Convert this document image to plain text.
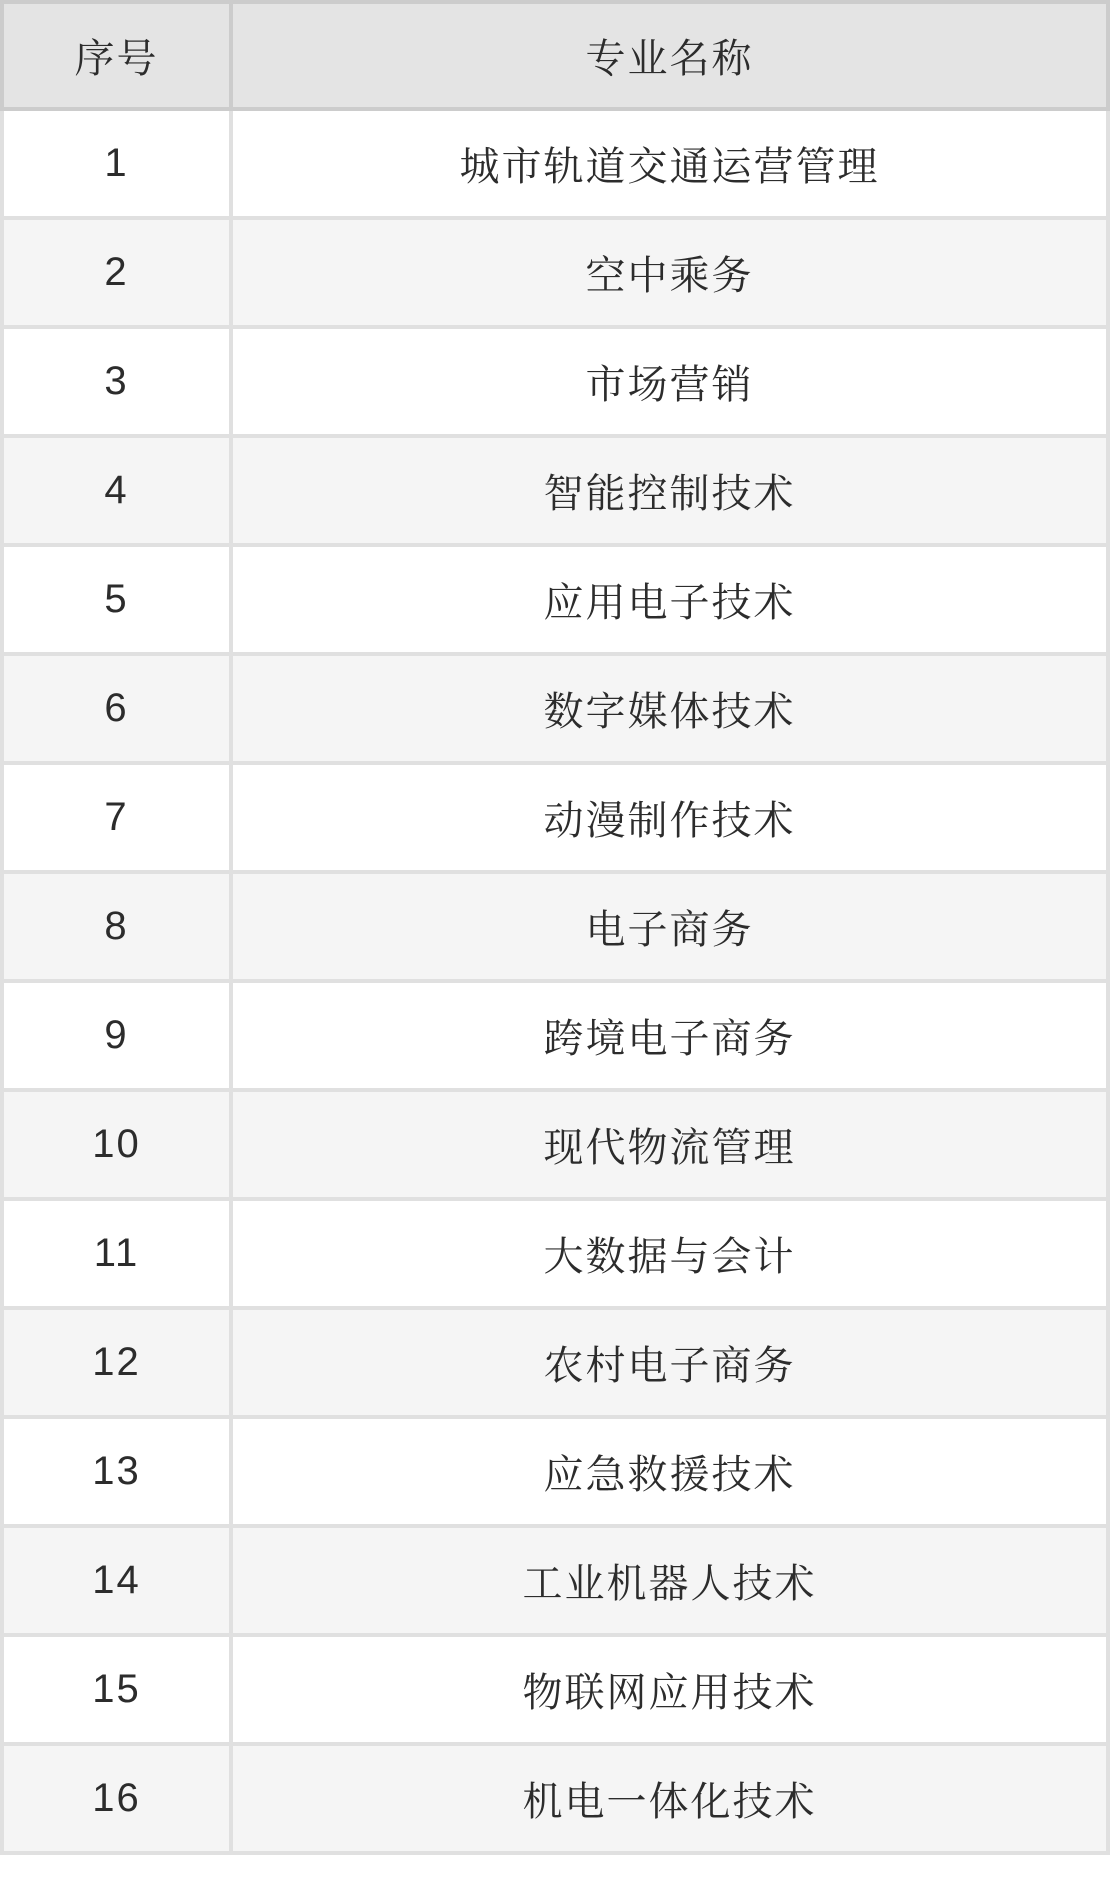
序号	专业名称
1	城市轨道交通运营管理
2	空中乘务
3	市场营销
4	智能控制技术
5	应用电子技术
6	数字媒体技术
7	动漫制作技术
8	电子商务
9	跨境电子商务
10	现代物流管理
11	大数据与会计
12	农村电子商务
13	应急救援技术
14	工业机器人技术
15	物联网应用技术
16	机电一体化技术
